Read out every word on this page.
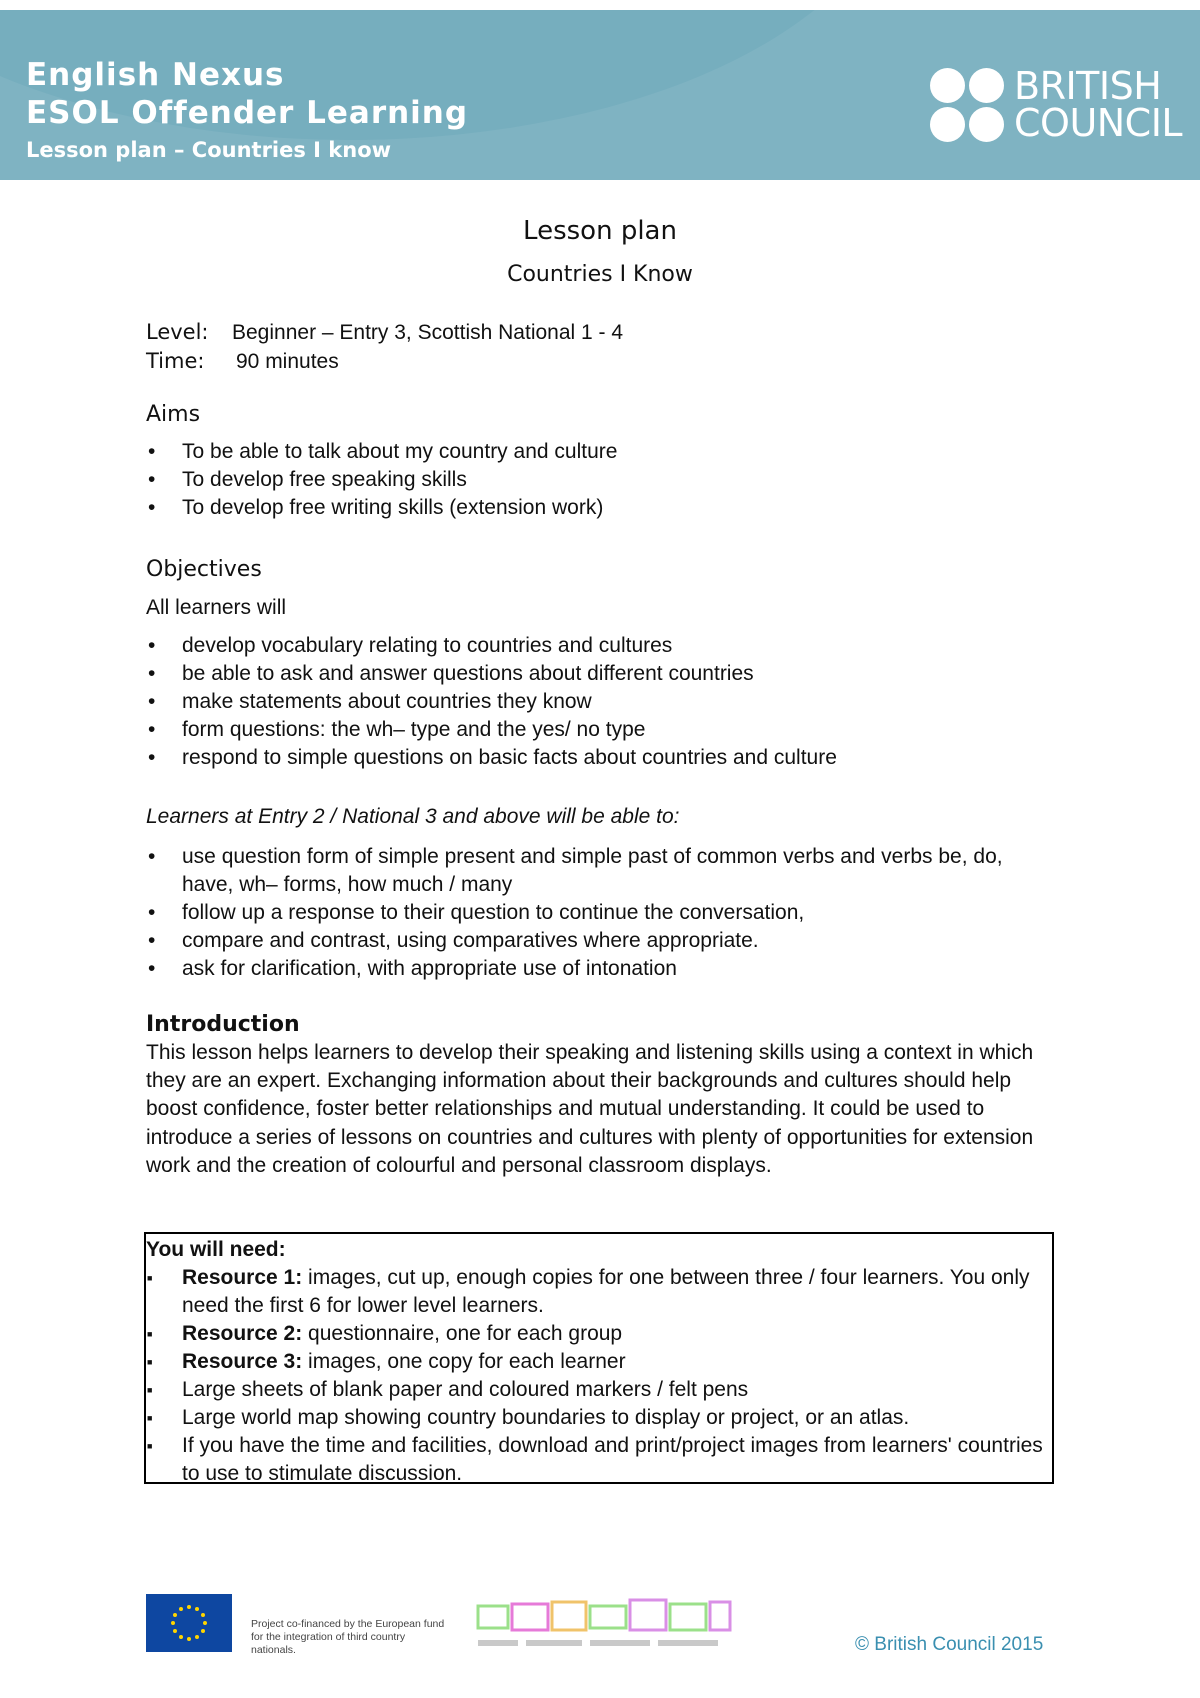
English Nexus
ESOL Offender Learning
Lesson plan – Countries I know
BRITISH
COUNCIL
Lesson plan
Countries I Know
Level: Beginner – Entry 3, Scottish National 1 - 4
Time: 90 minutes
Aims
• To be able to talk about my country and culture
• To develop free speaking skills
• To develop free writing skills (extension work)
Objectives
All learners will
• develop vocabulary relating to countries and cultures
• be able to ask and answer questions about different countries
• make statements about countries they know
• form questions: the wh– type and the yes/ no type
• respond to simple questions on basic facts about countries and culture
Learners at Entry 2 / National 3 and above will be able to:
• use question form of simple present and simple past of common verbs and verbs be, do, have, wh– forms, how much / many
• follow up a response to their question to continue the conversation,
• compare and contrast, using comparatives where appropriate.
• ask for clarification, with appropriate use of intonation
Introduction

This lesson helps learners to develop their speaking and listening skills using a context in which they are an expert. Exchanging information about their backgrounds and cultures should help boost confidence, foster better relationships and mutual understanding. It could be used to introduce a series of lessons on countries and cultures with plenty of opportunities for extension work and the creation of colourful and personal classroom displays.

You will need:
■ Resource 1: images, cut up, enough copies for one between three / four learners. You only need the first 6 for lower level learners.
■ Resource 2: questionnaire, one for each group
■ Resource 3: images, one copy for each learner
■ Large sheets of blank paper and coloured markers / felt pens
■ Large world map showing country boundaries to display or project, or an atlas.
■ If you have the time and facilities, download and print/project images from learners' countries to use to stimulate discussion.
Project co-financed by the European fund for the integration of third country nationals.	© British Council 2015
